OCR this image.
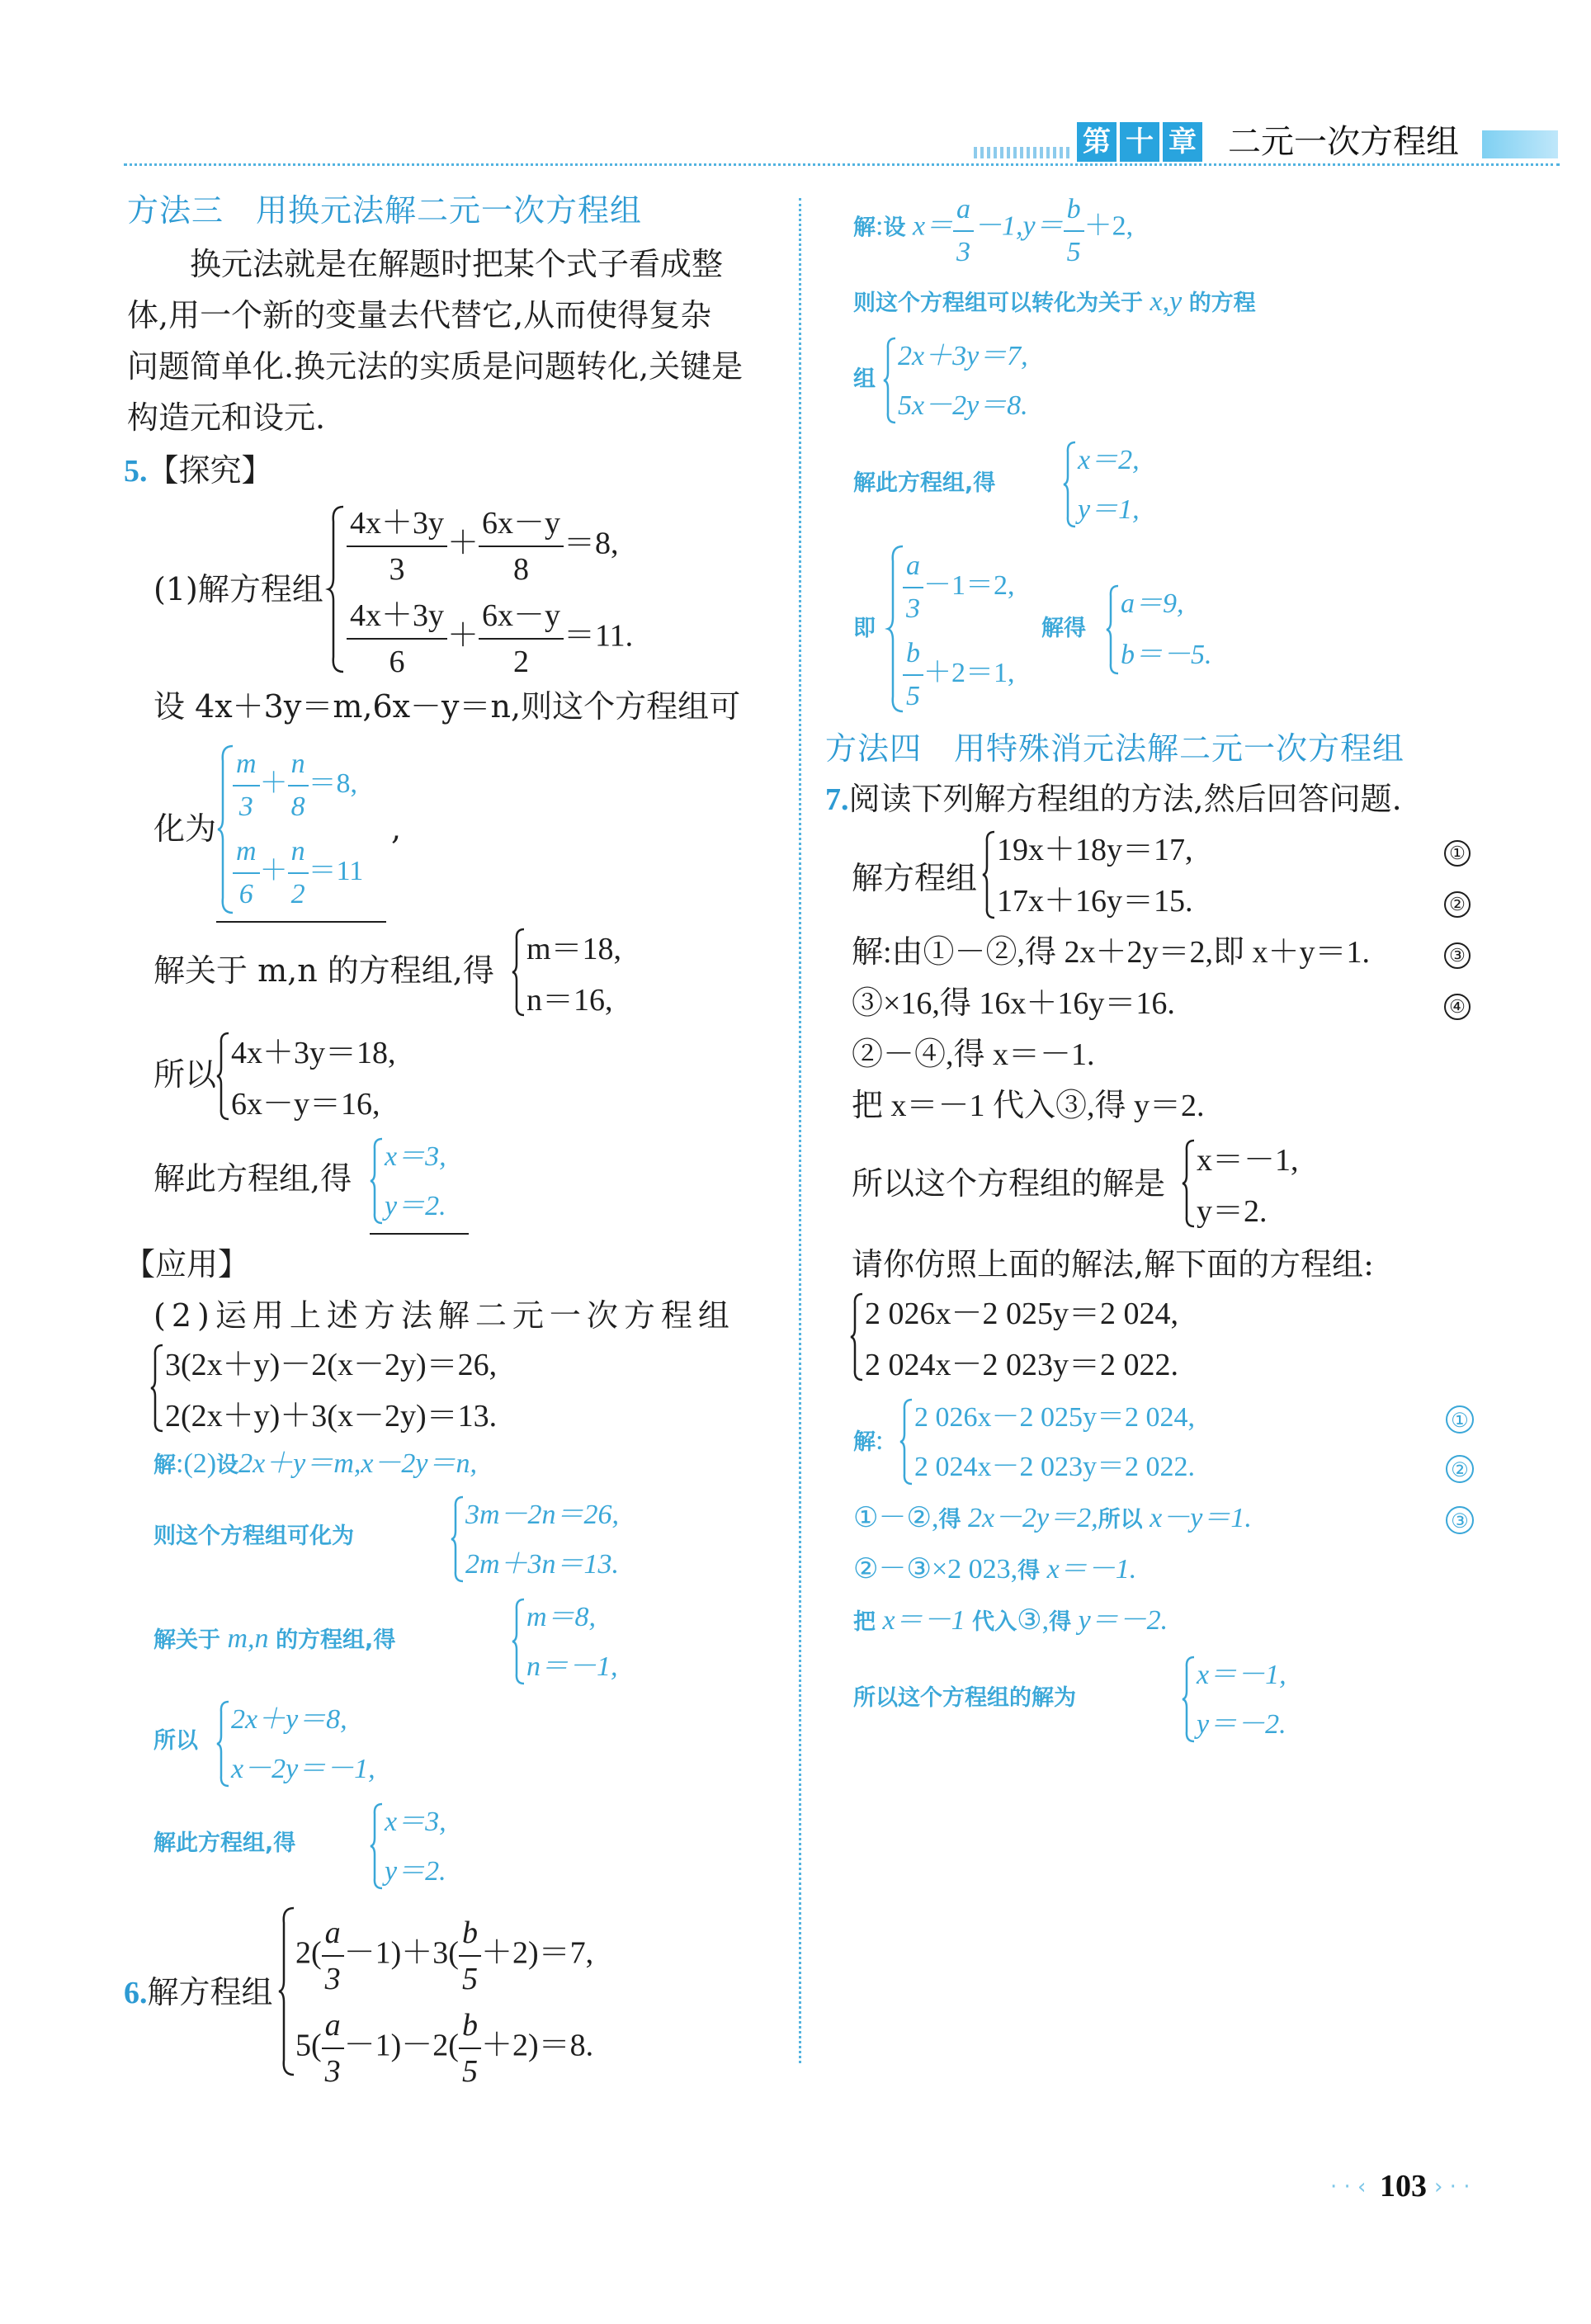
第 十 章 二元一次方程组
方法三　用换元法解二元一次方程组
换元法就是在解题时把某个式子看成整
体,用一个新的变量去代替它,从而使得复杂
问题简单化.换元法的实质是问题转化,关键是
构造元和设元.
5.【探究】
(1)解方程组 $\frac{4x+3y}{3} + \frac{6x-y}{8} =8$,
$\frac{4x+3y}{6} + \frac{6x-y}{2} =11$.
设 4x＋3y＝m,6x－y＝n,则这个方程组可
化为
$\frac{m}{3} + \frac{n}{8} =8$,
$\frac{m}{6} + \frac{n}{2} =11$
,
解关于 m,n 的方程组,得
m＝18,
n＝16,
所以
4x＋3y＝18,
6x－y＝16,
解此方程组,得
x＝3,
y＝2.
【应用】
(2)运用上述方法解二元一次方程组
3(2x＋y)－2(x－2y)＝26,
2(2x＋y)＋3(x－2y)＝13.
解:(2)设2x＋y＝m,x－2y＝n,
则这个方程组可化为
3m－2n＝26,
2m＋3n＝13.
解关于 m,n 的方程组,得
m＝8,
n＝－1,
所以
2x＋y＝8,
x－2y＝－1,
解此方程组,得
x＝3,
y＝2.
6.解方程组
$2( \frac{a}{3} -1)+3( \frac{b}{5} +2)=7$,
$5( \frac{a}{3} -1)-2( \frac{b}{5} +2)=8$.
解:设 $x= \frac{a}{3} -1,y= \frac{b}{5} +2$,
则这个方程组可以转化为关于 x,y 的方程
组
2x＋3y＝7,
5x－2y＝8.
解此方程组,得
x＝2,
y＝1,
即
$\frac{a}{3} -1=2$,
$\frac{b}{5} +2=1$,
解得
a＝9,
b＝－5.
方法四　用特殊消元法解二元一次方程组
7.阅读下列解方程组的方法,然后回答问题.
解方程组
19x＋18y＝17,
17x＋16y＝15.
①
②
解:由①－②,得 2x＋2y＝2,即 x＋y＝1.	③
③×16,得 16x＋16y＝16.	④
②－④,得 x＝－1.
把 x＝－1 代入③,得 y＝2.
所以这个方程组的解是
x＝－1,
y＝2.
请你仿照上面的解法,解下面的方程组:
2 026x－2 025y＝2 024,
2 024x－2 023y＝2 022.
解:
2 026x－2 025y＝2 024,
2 024x－2 023y＝2 022.
①
②
①－②,得 2x－2y＝2,所以 x－y＝1.	③
②－③×2 023,得 x＝－1.
把 x＝－1 代入③,得 y＝－2.
所以这个方程组的解为
x＝－1,
y＝－2.
· · ‹ 103 › · ·
